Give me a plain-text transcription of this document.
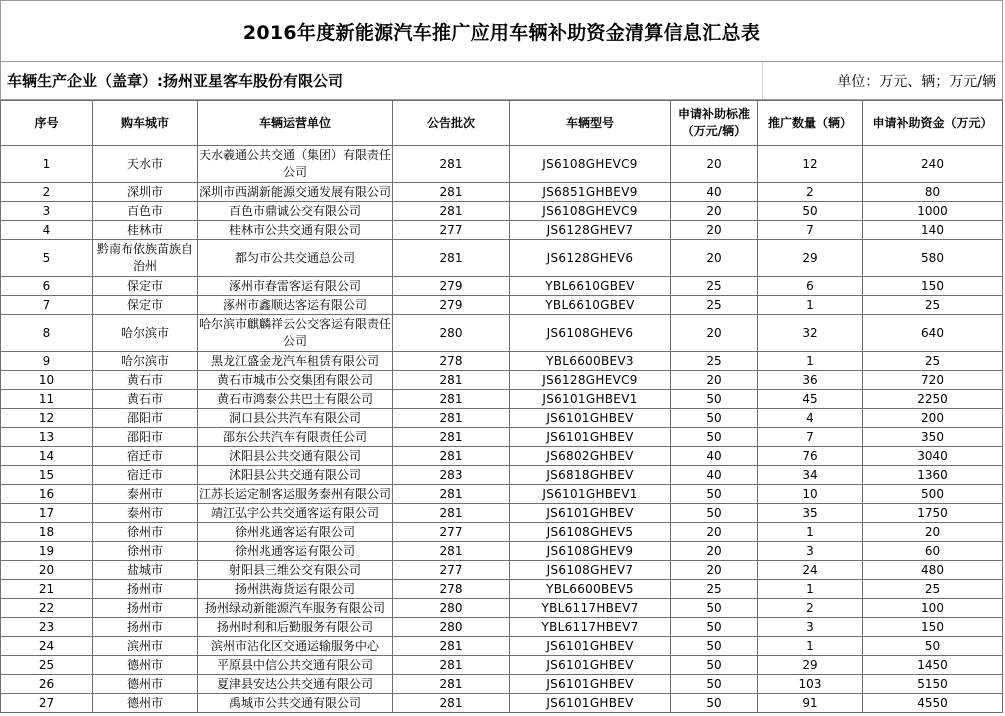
2016年度新能源汽车推广应用车辆补助资金清算信息汇总表
车辆生产企业（盖章）:扬州亚星客车股份有限公司	单位：万元、辆；万元/辆
序号	购车城市	车辆运营单位	公告批次	车辆型号	申请补助标准（万元/辆）	推广数量（辆）	申请补助资金（万元）
1	天水市	天水羲通公共交通（集团）有限责任公司	281	JS6108GHEVC9	20	12	240
2	深圳市	深圳市西湖新能源交通发展有限公司	281	JS6851GHBEV9	40	2	80
3	百色市	百色市鼎诚公交有限公司	281	JS6108GHEVC9	20	50	1000
4	桂林市	桂林市公共交通有限公司	277	JS6128GHEV7	20	7	140
5	黔南布依族苗族自治州	都匀市公共交通总公司	281	JS6128GHEV6	20	29	580
6	保定市	涿州市春雷客运有限公司	279	YBL6610GBEV	25	6	150
7	保定市	涿州市鑫顺达客运有限公司	279	YBL6610GBEV	25	1	25
8	哈尔滨市	哈尔滨市麒麟祥云公交客运有限责任公司	280	JS6108GHEV6	20	32	640
9	哈尔滨市	黑龙江盛金龙汽车租赁有限公司	278	YBL6600BEV3	25	1	25
10	黄石市	黄石市城市公交集团有限公司	281	JS6128GHEVC9	20	36	720
11	黄石市	黄石市鸿泰公共巴士有限公司	281	JS6101GHBEV1	50	45	2250
12	邵阳市	洞口县公共汽车有限公司	281	JS6101GHBEV	50	4	200
13	邵阳市	邵东公共汽车有限责任公司	281	JS6101GHBEV	50	7	350
14	宿迁市	沭阳县公共交通有限公司	281	JS6802GHBEV	40	76	3040
15	宿迁市	沭阳县公共交通有限公司	283	JS6818GHBEV	40	34	1360
16	泰州市	江苏长运定制客运服务泰州有限公司	281	JS6101GHBEV1	50	10	500
17	泰州市	靖江弘宇公共交通客运有限公司	281	JS6101GHBEV	50	35	1750
18	徐州市	徐州兆通客运有限公司	277	JS6108GHEV5	20	1	20
19	徐州市	徐州兆通客运有限公司	281	JS6108GHEV9	20	3	60
20	盐城市	射阳县三维公交有限公司	277	JS6108GHEV7	20	24	480
21	扬州市	扬州洪海货运有限公司	278	YBL6600BEV5	25	1	25
22	扬州市	扬州绿动新能源汽车服务有限公司	280	YBL6117HBEV7	50	2	100
23	扬州市	扬州时利和后勤服务有限公司	280	YBL6117HBEV7	50	3	150
24	滨州市	滨州市沾化区交通运输服务中心	281	JS6101GHBEV	50	1	50
25	德州市	平原县中信公共交通有限公司	281	JS6101GHBEV	50	29	1450
26	德州市	夏津县安达公共交通有限公司	281	JS6101GHBEV	50	103	5150
27	德州市	禹城市公共交通有限公司	281	JS6101GHBEV	50	91	4550
